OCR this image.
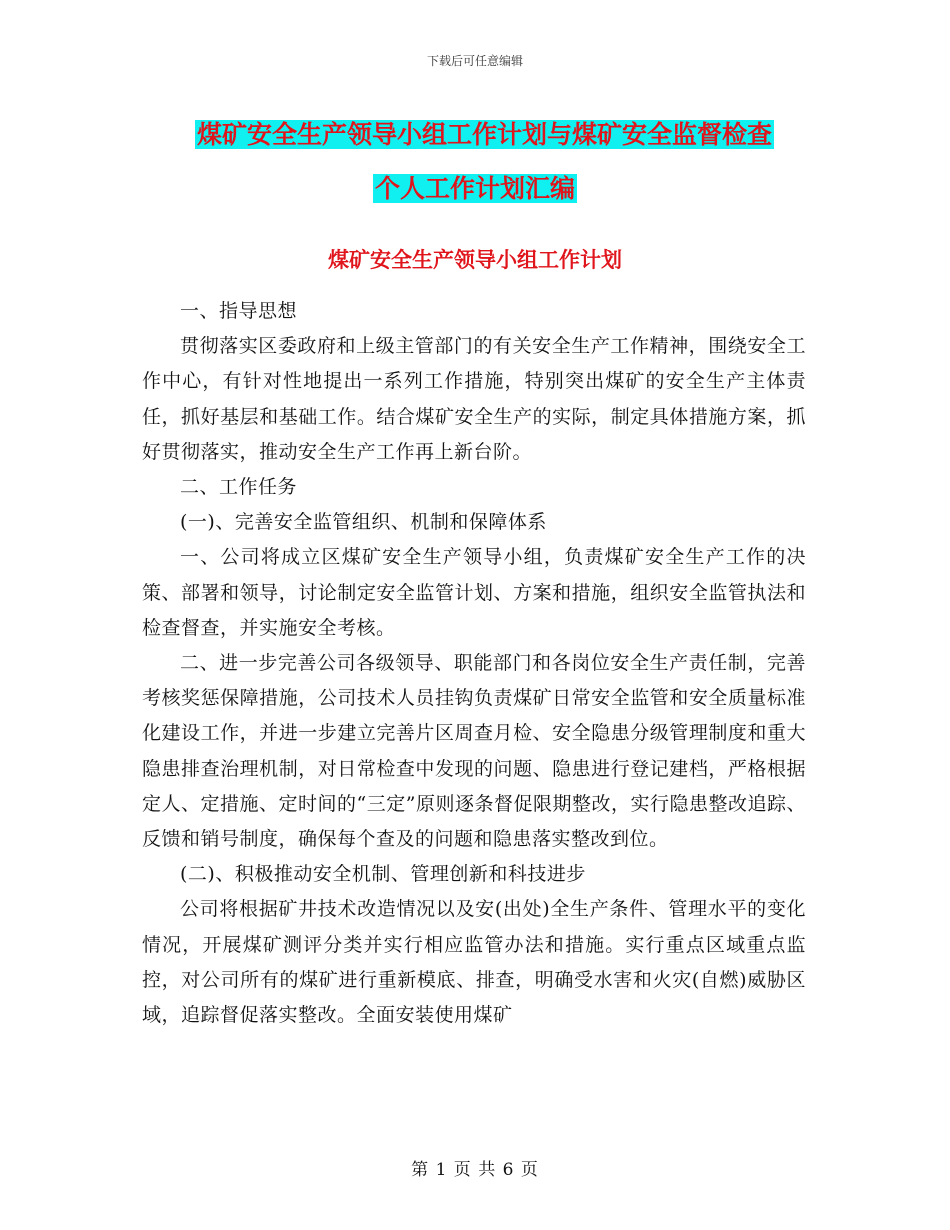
下载后可任意编辑
煤矿安全生产领导小组工作计划与煤矿安全监督检查
个人工作计划汇编
煤矿安全生产领导小组工作计划

一、指导思想

贯彻落实区委政府和上级主管部门的有关安全生产工作精神，围绕安全工作中心，有针对性地提出一系列工作措施，特别突出煤矿的安全生产主体责任，抓好基层和基础工作。结合煤矿安全生产的实际，制定具体措施方案，抓好贯彻落实，推动安全生产工作再上新台阶。

二、工作任务

(一)、完善安全监管组织、机制和保障体系

一、公司将成立区煤矿安全生产领导小组，负责煤矿安全生产工作的决策、部署和领导，讨论制定安全监管计划、方案和措施，组织安全监管执法和检查督查，并实施安全考核。

二、进一步完善公司各级领导、职能部门和各岗位安全生产责任制，完善考核奖惩保障措施，公司技术人员挂钩负责煤矿日常安全监管和安全质量标准化建设工作，并进一步建立完善片区周查月检、安全隐患分级管理制度和重大隐患排查治理机制，对日常检查中发现的问题、隐患进行登记建档，严格根据定人、定措施、定时间的“三定”原则逐条督促限期整改，实行隐患整改追踪、反馈和销号制度，确保每个查及的问题和隐患落实整改到位。

(二)、积极推动安全机制、管理创新和科技进步

公司将根据矿井技术改造情况以及安(出处)全生产条件、管理水平的变化情况，开展煤矿测评分类并实行相应监管办法和措施。实行重点区域重点监控，对公司所有的煤矿进行重新模底、排查，明确受水害和火灾(自燃)威胁区域，追踪督促落实整改。全面安装使用煤矿

第 1 页 共 6 页
